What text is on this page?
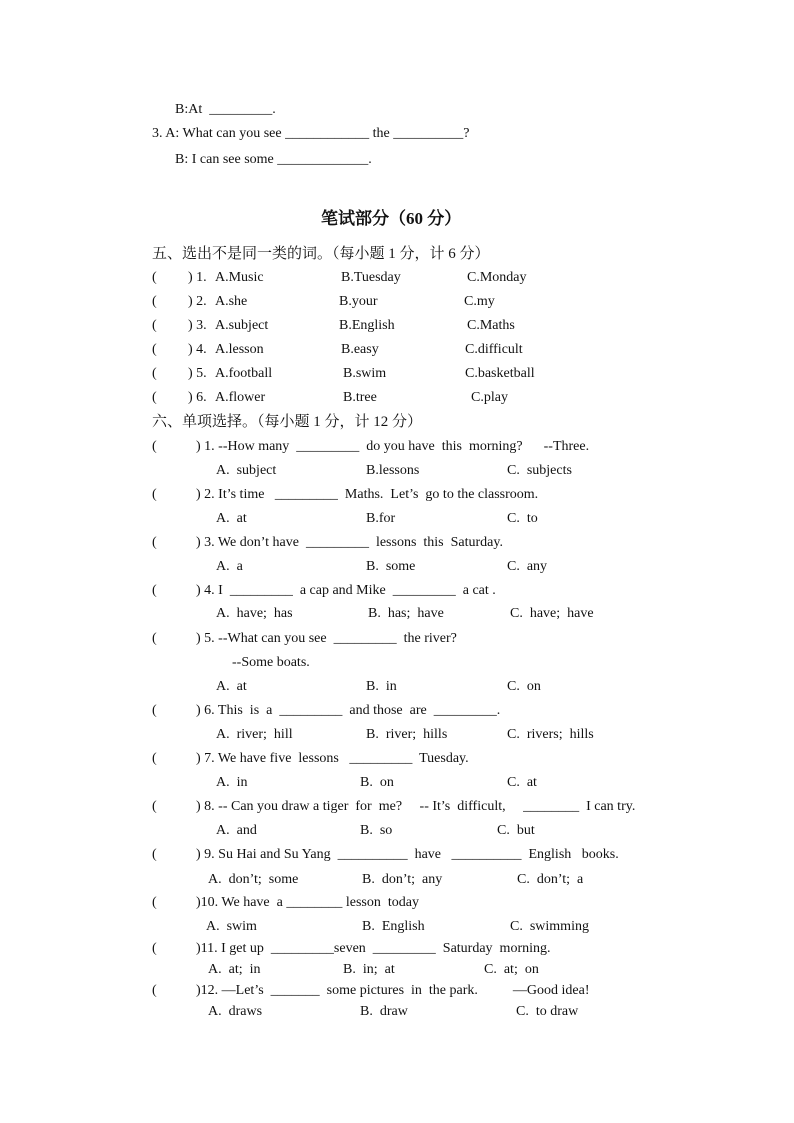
B:At  _________.
3. A: What can you see ____________ the __________?
B: I can see some _____________.
笔试部分（60 分）
五、选出不是同一类的词。（每小题 1 分，计 6 分）
( ) 1. A.Music	B.Tuesday	C.Monday
( ) 2. A.she	B.your	C.my
( ) 3. A.subject	B.English	C.Maths
( ) 4. A.lesson	B.easy	C.difficult
( ) 5. A.football	B.swim	C.basketball
( ) 6. A.flower	B.tree	C.play
六、单项选择。（每小题 1 分，计 12 分）
(	) 1. --How many  _________  do you have  this  morning?      --Three.
A.  subject	B.lessons	C.  subjects
(	) 2. It’s time   _________  Maths.  Let’s  go to the classroom.
A.  at	B.for	C.  to
(	) 3. We don’t have  _________  lessons  this  Saturday.
A.  a	B.  some	C.  any
(	) 4. I  _________  a cap and Mike  _________  a cat .
A.  have;  has	B.  has;  have	C.  have;  have
(	) 5. --What can you see  _________  the river?
--Some boats.
A.  at	B.  in	C.  on
(	) 6. This  is  a  _________  and those  are  _________.
A.  river;  hill	B.  river;  hills	C.  rivers;  hills
(	) 7. We have five  lessons   _________  Tuesday.
A.  in	B.  on	C.  at
(	) 8. -- Can you draw a tiger  for  me?     -- It’s  difficult,     ________  I can try.
A.  and	B.  so	C.  but
(	) 9. Su Hai and Su Yang  __________  have   __________  English   books.
A.  don’t;  some	B.  don’t;  any	C.  don’t;  a
(	)10. We have  a ________ lesson  today
A.  swim	B.  English	C.  swimming
(	)11. I get up  _________seven  _________  Saturday  morning.
A.  at;  in	B.  in;  at	C.  at;  on
(	)12. —Let’s  _______  some pictures  in  the park.          —Good idea!
A.  draws	B.  draw	C.  to draw
